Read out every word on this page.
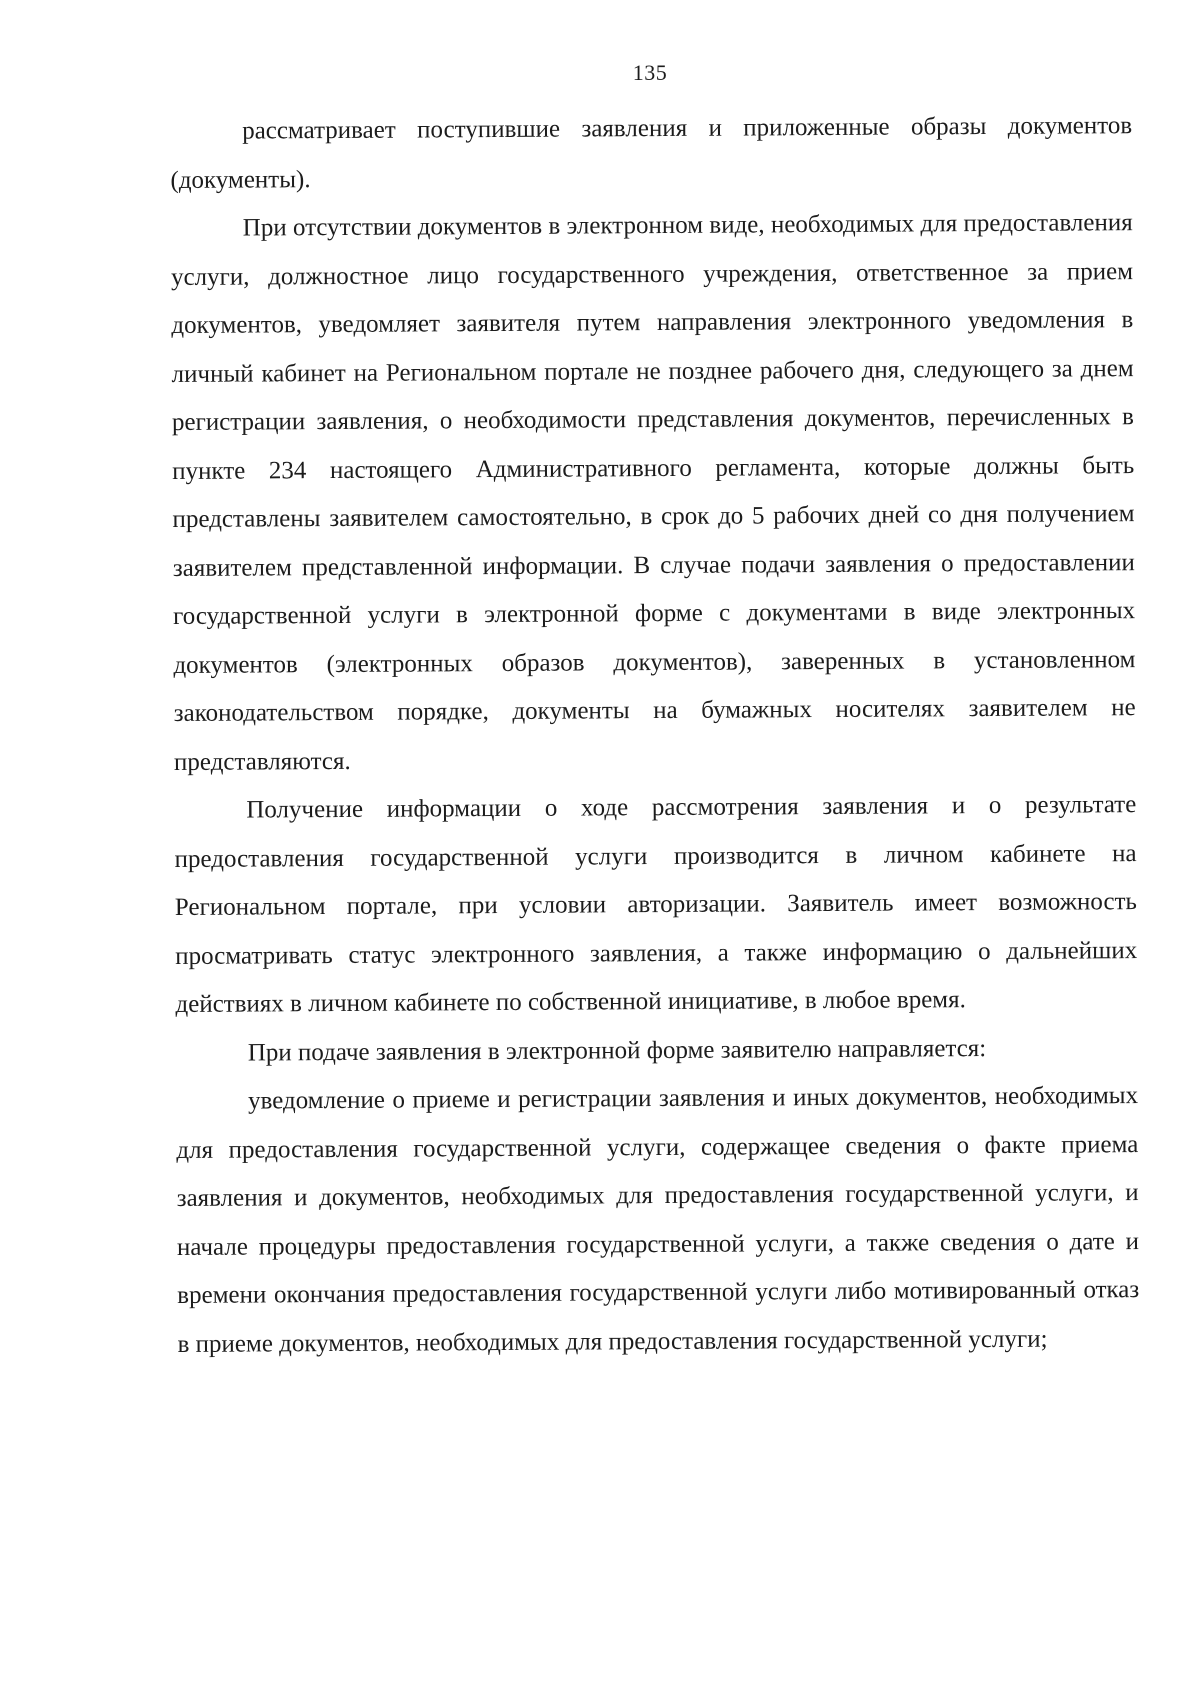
135

рассматривает поступившие заявления и приложенные образы документов (документы).

При отсутствии документов в электронном виде, необходимых для предоставления услуги, должностное лицо государственного учреждения, ответственное за прием документов, уведомляет заявителя путем направления электронного уведомления в личный кабинет на Региональном портале не позднее рабочего дня, следующего за днем регистрации заявления, о необходимости представления документов, перечисленных в пункте 234 настоящего Административного регламента, которые должны быть представлены заявителем самостоятельно, в срок до 5 рабочих дней со дня получением заявителем представленной информации. В случае подачи заявления о предоставлении государственной услуги в электронной форме с документами в виде электронных документов (электронных образов документов), заверенных в установленном законодательством порядке, документы на бумажных носителях заявителем не представляются.

Получение информации о ходе рассмотрения заявления и о результате предоставления государственной услуги производится в личном кабинете на Региональном портале, при условии авторизации. Заявитель имеет возможность просматривать статус электронного заявления, а также информацию о дальнейших действиях в личном кабинете по собственной инициативе, в любое время.

При подаче заявления в электронной форме заявителю направляется:

уведомление о приеме и регистрации заявления и иных документов, необходимых для предоставления государственной услуги, содержащее сведения о факте приема заявления и документов, необходимых для предоставления государственной услуги, и начале процедуры предоставления государственной услуги, а также сведения о дате и времени окончания предоставления государственной услуги либо мотивированный отказ в приеме документов, необходимых для предоставления государственной услуги;
